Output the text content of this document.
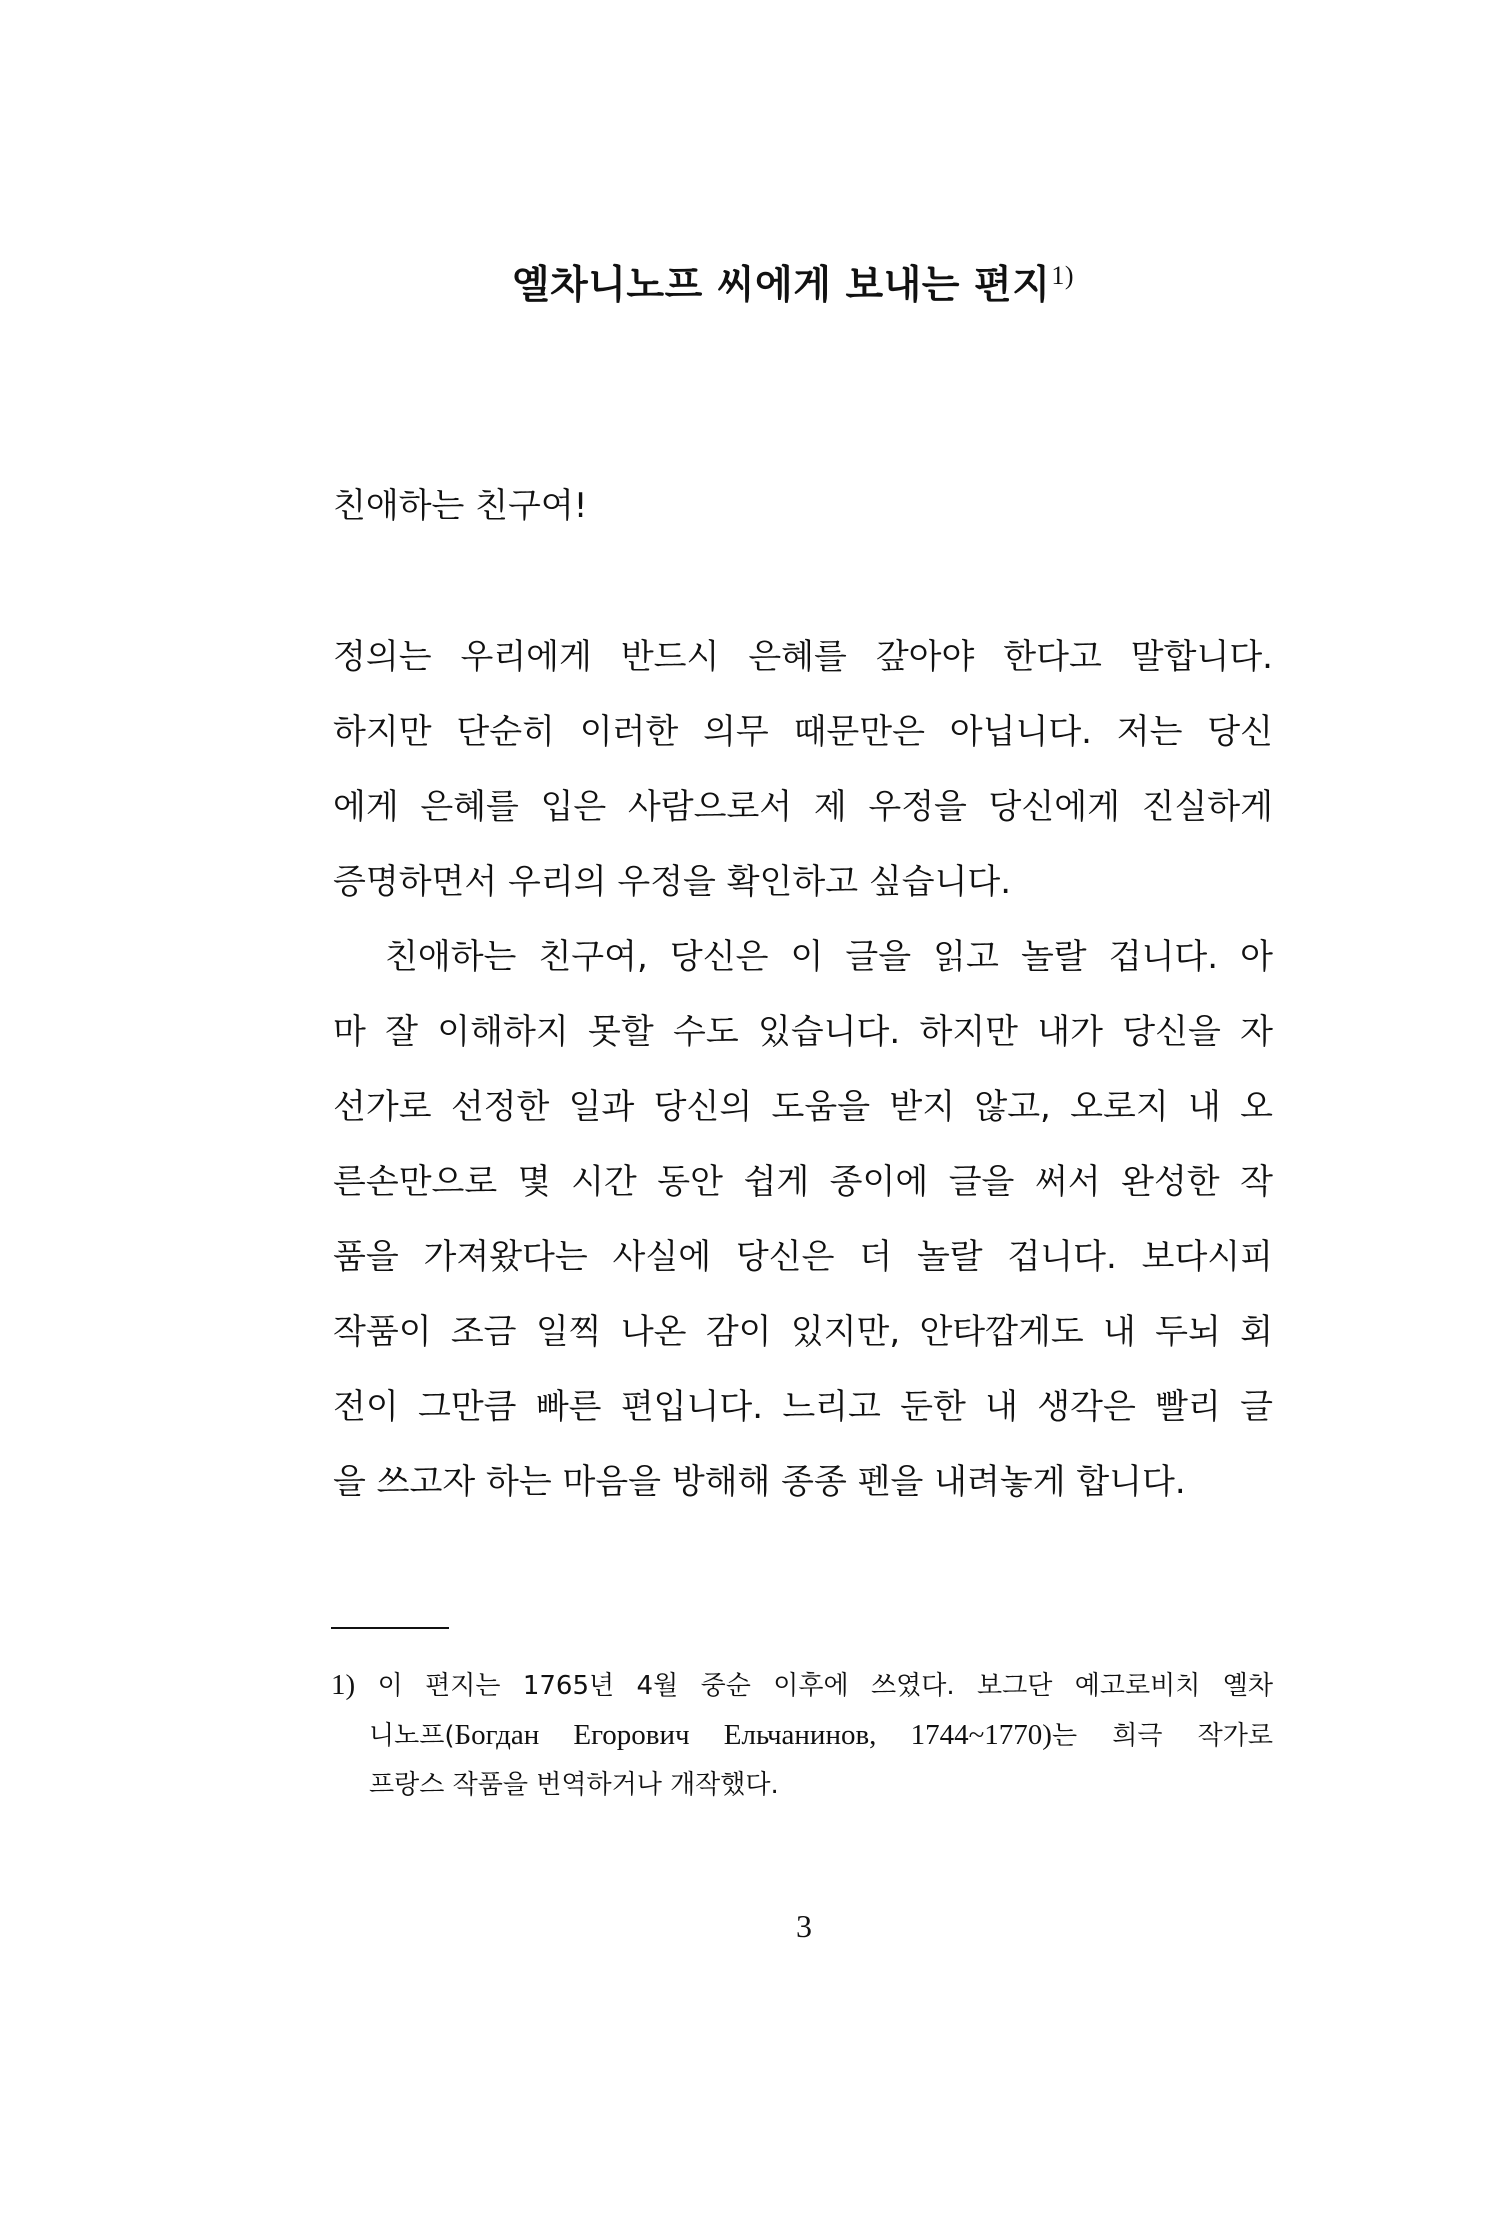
옐차니노프 씨에게 보내는 편지$^{1)}$

친애하는 친구여!

정의는 우리에게 반드시 은혜를 갚아야 한다고 말합니다.
하지만 단순히 이러한 의무 때문만은 아닙니다. 저는 당신
에게 은혜를 입은 사람으로서 제 우정을 당신에게 진실하게
증명하면서 우리의 우정을 확인하고 싶습니다.
친애하는 친구여, 당신은 이 글을 읽고 놀랄 겁니다. 아
마 잘 이해하지 못할 수도 있습니다. 하지만 내가 당신을 자
선가로 선정한 일과 당신의 도움을 받지 않고, 오로지 내 오
른손만으로 몇 시간 동안 쉽게 종이에 글을 써서 완성한 작
품을 가져왔다는 사실에 당신은 더 놀랄 겁니다. 보다시피
작품이 조금 일찍 나온 감이 있지만, 안타깝게도 내 두뇌 회
전이 그만큼 빠른 편입니다. 느리고 둔한 내 생각은 빨리 글
을 쓰고자 하는 마음을 방해해 종종 펜을 내려놓게 합니다.
1) 이 편지는 1765년 4월 중순 이후에 쓰였다. 보그단 예고로비치 옐차
니노프(Богдан Егорович Ельчанинов, 1744~1770)는 희극 작가로
프랑스 작품을 번역하거나 개작했다.
3
